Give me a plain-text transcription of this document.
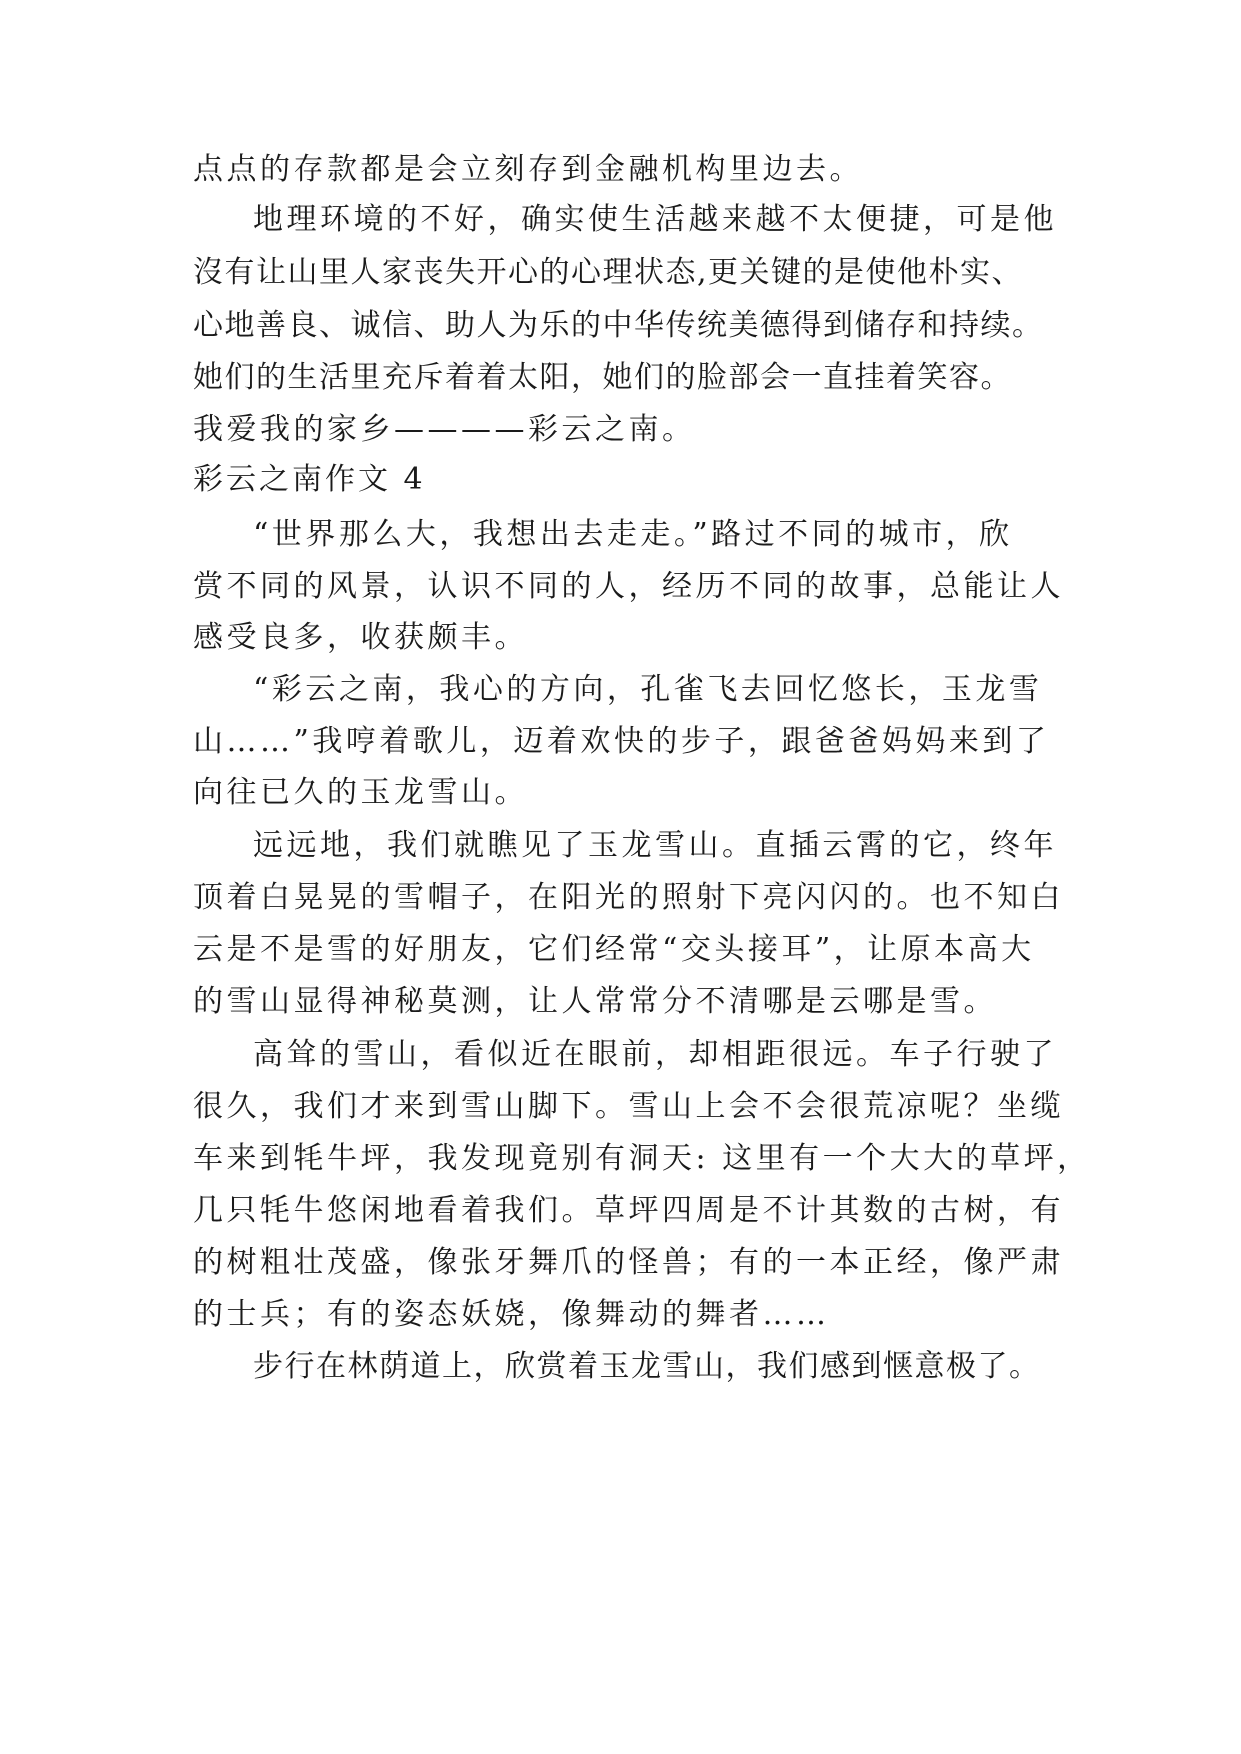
点点的存款都是会立刻存到金融机构里边去。
地理环境的不好，确实使生活越来越不太便捷，可是他
沒有让山里人家丧失开心的心理状态,更关键的是使他朴实、
心地善良、诚信、助人为乐的中华传统美德得到储存和持续。
她们的生活里充斥着着太阳，她们的脸部会一直挂着笑容。
我爱我的家乡————彩云之南。
彩云之南作文 4
“世界那么大，我想出去走走。”路过不同的城市，欣
赏不同的风景，认识不同的人，经历不同的故事，总能让人
感受良多，收获颇丰。
“彩云之南，我心的方向，孔雀飞去回忆悠长，玉龙雪
山……”我哼着歌儿，迈着欢快的步子，跟爸爸妈妈来到了
向往已久的玉龙雪山。
远远地，我们就瞧见了玉龙雪山。直插云霄的它，终年
顶着白晃晃的雪帽子，在阳光的照射下亮闪闪的。也不知白
云是不是雪的好朋友，它们经常“交头接耳”，让原本高大
的雪山显得神秘莫测，让人常常分不清哪是云哪是雪。
高耸的雪山，看似近在眼前，却相距很远。车子行驶了
很久，我们才来到雪山脚下。雪山上会不会很荒凉呢？坐缆
车来到牦牛坪，我发现竟别有洞天: 这里有一个大大的草坪，
几只牦牛悠闲地看着我们。草坪四周是不计其数的古树，有
的树粗壮茂盛，像张牙舞爪的怪兽；有的一本正经，像严肃
的士兵；有的姿态妖娆，像舞动的舞者……
步行在林荫道上，欣赏着玉龙雪山，我们感到惬意极了。
